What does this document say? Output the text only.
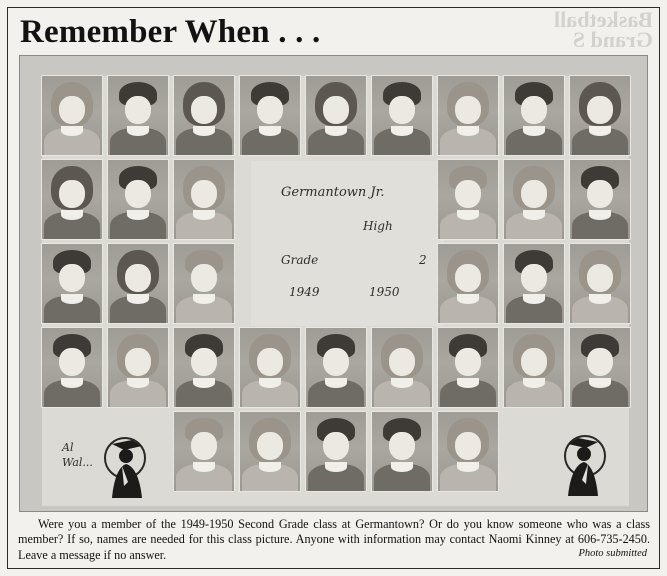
Basketball
Grand S
Remember When . . .
Germantown Jr.
High
Grade	2
1949	1950
Al
Wal...
Were you a member of the 1949-1950 Second Grade class at Germantown? Or do you know someone who was a class member? If so, names are needed for this class picture. Anyone with information may contact Naomi Kinney at 606-735-2450. Leave a message if no answer.	Photo submitted
